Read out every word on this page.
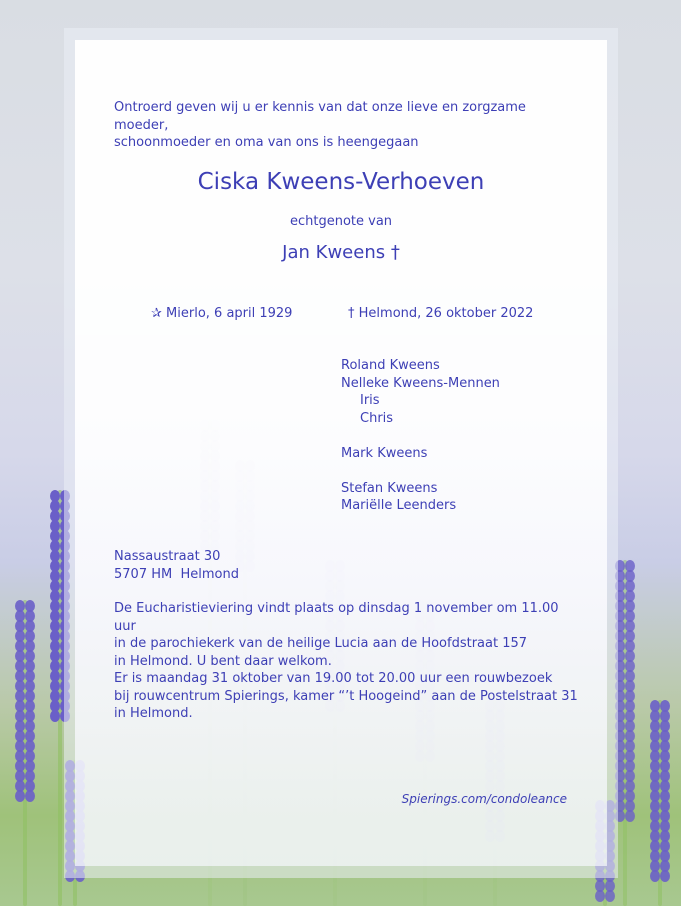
Ontroerd geven wij u er kennis van dat onze lieve en zorgzame moeder,
schoonmoeder en oma van ons is heengegaan
Ciska Kweens-Verhoeven
echtgenote van
Jan Kweens †
✰ Mierlo, 6 april 1929	† Helmond, 26 oktober 2022
Roland Kweens
Nelleke Kweens-Mennen
Iris
Chris
Mark Kweens
Stefan Kweens
Mariëlle Leenders
Nassaustraat 30
5707 HM  Helmond
De Eucharistieviering vindt plaats op dinsdag 1 november om 11.00 uur
in de parochiekerk van de heilige Lucia aan de Hoofdstraat 157
in Helmond. U bent daar welkom.
Er is maandag 31 oktober van 19.00 tot 20.00 uur een rouwbezoek
bij rouwcentrum Spierings, kamer “’t Hoogeind” aan de Postelstraat 31
in Helmond.
Spierings.com/condoleance
